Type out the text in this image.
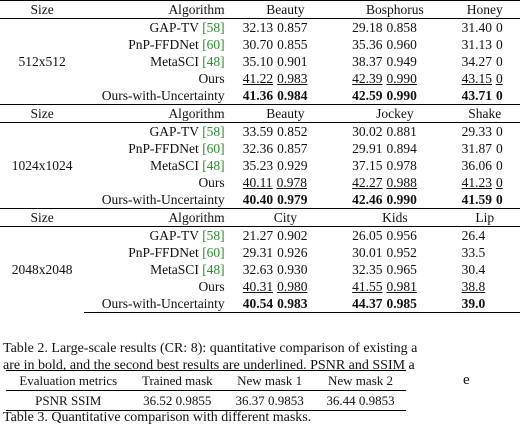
Size	Algorithm	Beauty	Bosphorus	Honey
512x512	GAP-TV [58]	32.13 0.857	29.18 0.858	31.40 0
	PnP-FFDNet [60]	30.70 0.855	35.36 0.960	31.13 0
	MetaSCI [48]	35.10 0.901	38.37 0.949	34.27 0
	Ours	41.22 0.983	42.39 0.990	43.15 0
	Ours-with-Uncertainty	41.36 0.984	42.59 0.990	43.71 0
Size	Algorithm	Beauty	Jockey	Shake
1024x1024	GAP-TV [58]	33.59 0.852	30.02 0.881	29.33 0
	PnP-FFDNet [60]	32.36 0.857	29.91 0.894	31.87 0
	MetaSCI [48]	35.23 0.929	37.15 0.978	36.06 0
	Ours	40.11 0.978	42.27 0.988	41.23 0
	Ours-with-Uncertainty	40.40 0.979	42.46 0.990	41.59 0
Size	Algorithm	City	Kids	Lip
2048x2048	GAP-TV [58]	21.27 0.902	26.05 0.956	26.4
	PnP-FFDNet [60]	29.31 0.926	30.01 0.952	33.5
	MetaSCI [48]	32.63 0.930	32.35 0.965	30.4
	Ours	40.31 0.980	41.55 0.981	38.8
	Ours-with-Uncertainty	40.54 0.983	44.37 0.985	39.0
Table 2. Large-scale results (CR: 8): quantitative comparison of existing a
are in bold, and the second best results are underlined. PSNR and SSIM a
Evaluation metrics	Trained mask	New mask 1	New mask 2
PSNR SSIM	36.52 0.9855	36.37 0.9853	36.44 0.9853
e
Table 3. Quantitative comparison with different masks.
